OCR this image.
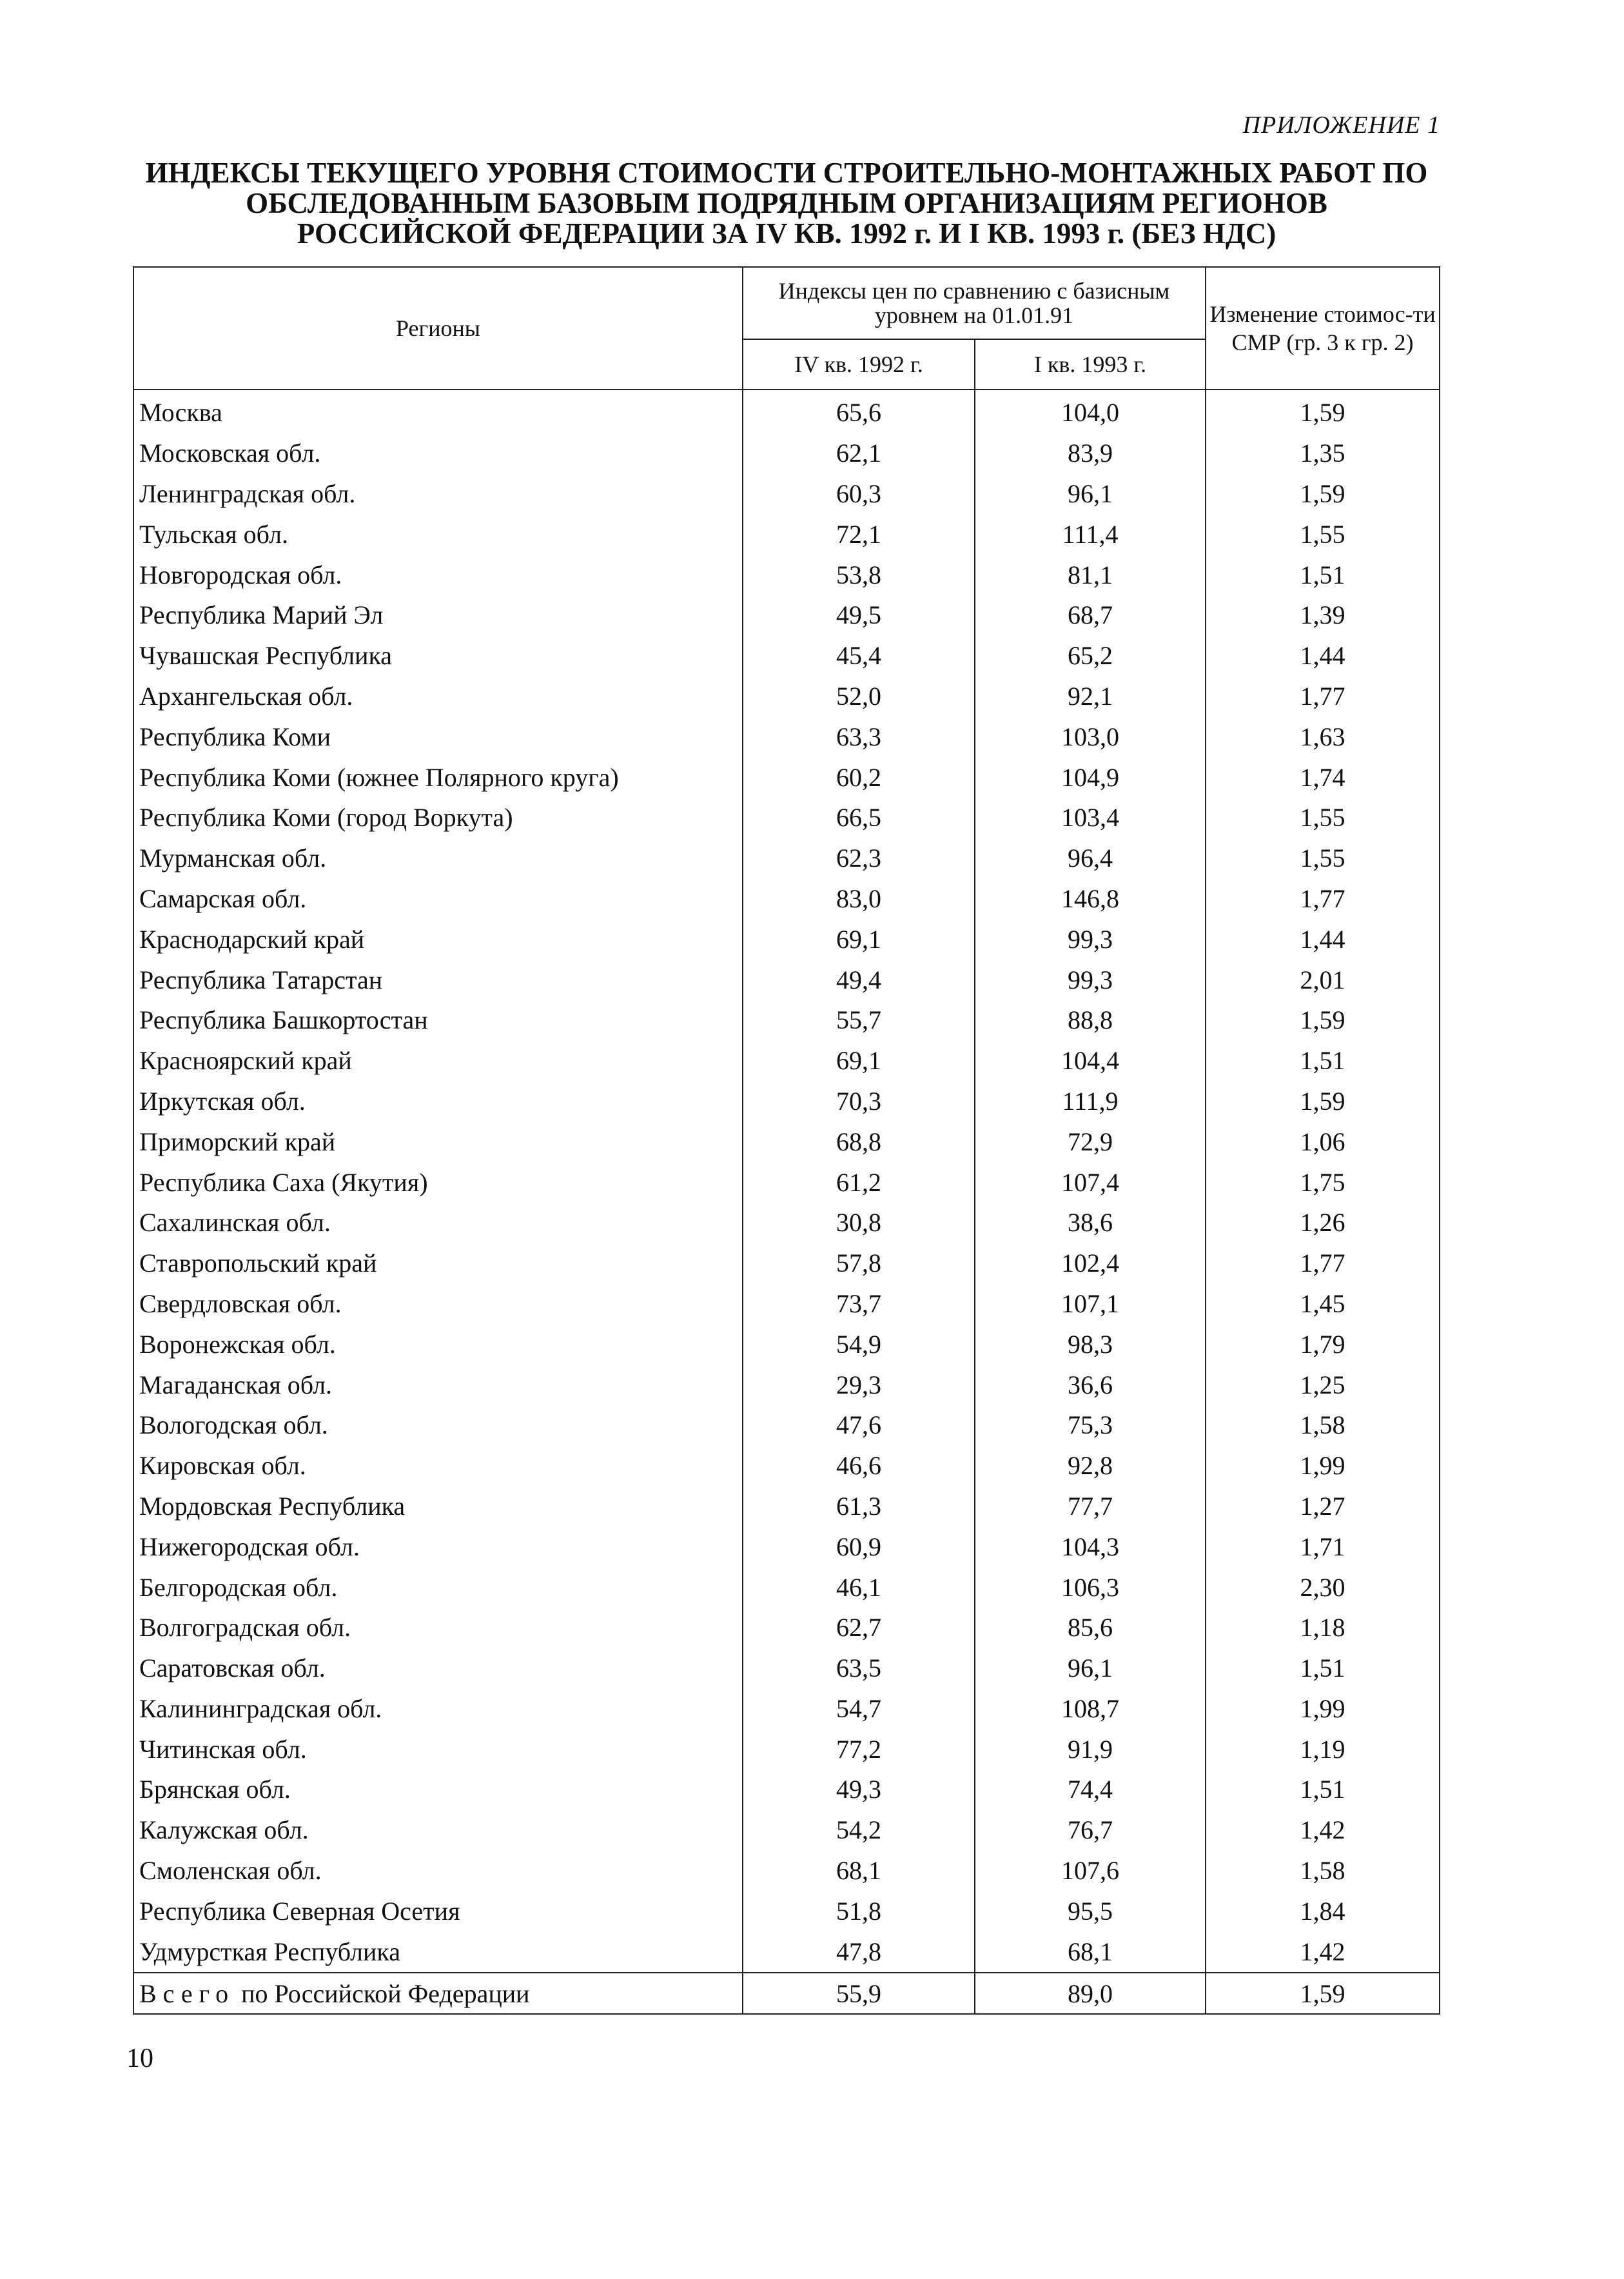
ПРИЛОЖЕНИЕ 1
ИНДЕКСЫ ТЕКУЩЕГО УРОВНЯ СТОИМОСТИ СТРОИТЕЛЬНО-МОНТАЖНЫХ РАБОТ ПО
ОБСЛЕДОВАННЫМ БАЗОВЫМ ПОДРЯДНЫМ ОРГАНИЗАЦИЯМ РЕГИОНОВ
РОССИЙСКОЙ ФЕДЕРАЦИИ ЗА IV КВ. 1992 г. И I КВ. 1993 г. (БЕЗ НДС)
Регионы	Индексы цен по сравнению с базисным уровнем на 01.01.91		Изменение стоимос-ти СМР (гр. 3 к гр. 2)
	IV кв. 1992 г.	I кв. 1993 г.	
Москва	65,6	104,0	1,59
Московская обл.	62,1	83,9	1,35
Ленинградская обл.	60,3	96,1	1,59
Тульская обл.	72,1	111,4	1,55
Новгородская обл.	53,8	81,1	1,51
Республика Марий Эл	49,5	68,7	1,39
Чувашская Республика	45,4	65,2	1,44
Архангельская обл.	52,0	92,1	1,77
Республика Коми	63,3	103,0	1,63
Республика Коми (южнее Полярного круга)	60,2	104,9	1,74
Республика Коми (город Воркута)	66,5	103,4	1,55
Мурманская обл.	62,3	96,4	1,55
Самарская обл.	83,0	146,8	1,77
Краснодарский край	69,1	99,3	1,44
Республика Татарстан	49,4	99,3	2,01
Республика Башкортостан	55,7	88,8	1,59
Красноярский край	69,1	104,4	1,51
Иркутская обл.	70,3	111,9	1,59
Приморский край	68,8	72,9	1,06
Республика Саха (Якутия)	61,2	107,4	1,75
Сахалинская обл.	30,8	38,6	1,26
Ставропольский край	57,8	102,4	1,77
Свердловская обл.	73,7	107,1	1,45
Воронежская обл.	54,9	98,3	1,79
Магаданская обл.	29,3	36,6	1,25
Вологодская обл.	47,6	75,3	1,58
Кировская обл.	46,6	92,8	1,99
Мордовская Республика	61,3	77,7	1,27
Нижегородская обл.	60,9	104,3	1,71
Белгородская обл.	46,1	106,3	2,30
Волгоградская обл.	62,7	85,6	1,18
Саратовская обл.	63,5	96,1	1,51
Калининградская обл.	54,7	108,7	1,99
Читинская обл.	77,2	91,9	1,19
Брянская обл.	49,3	74,4	1,51
Калужская обл.	54,2	76,7	1,42
Смоленская обл.	68,1	107,6	1,58
Республика Северная Осетия	51,8	95,5	1,84
Удмурсткая Республика	47,8	68,1	1,42
Всего по Российской Федерации	55,9	89,0	1,59
10
